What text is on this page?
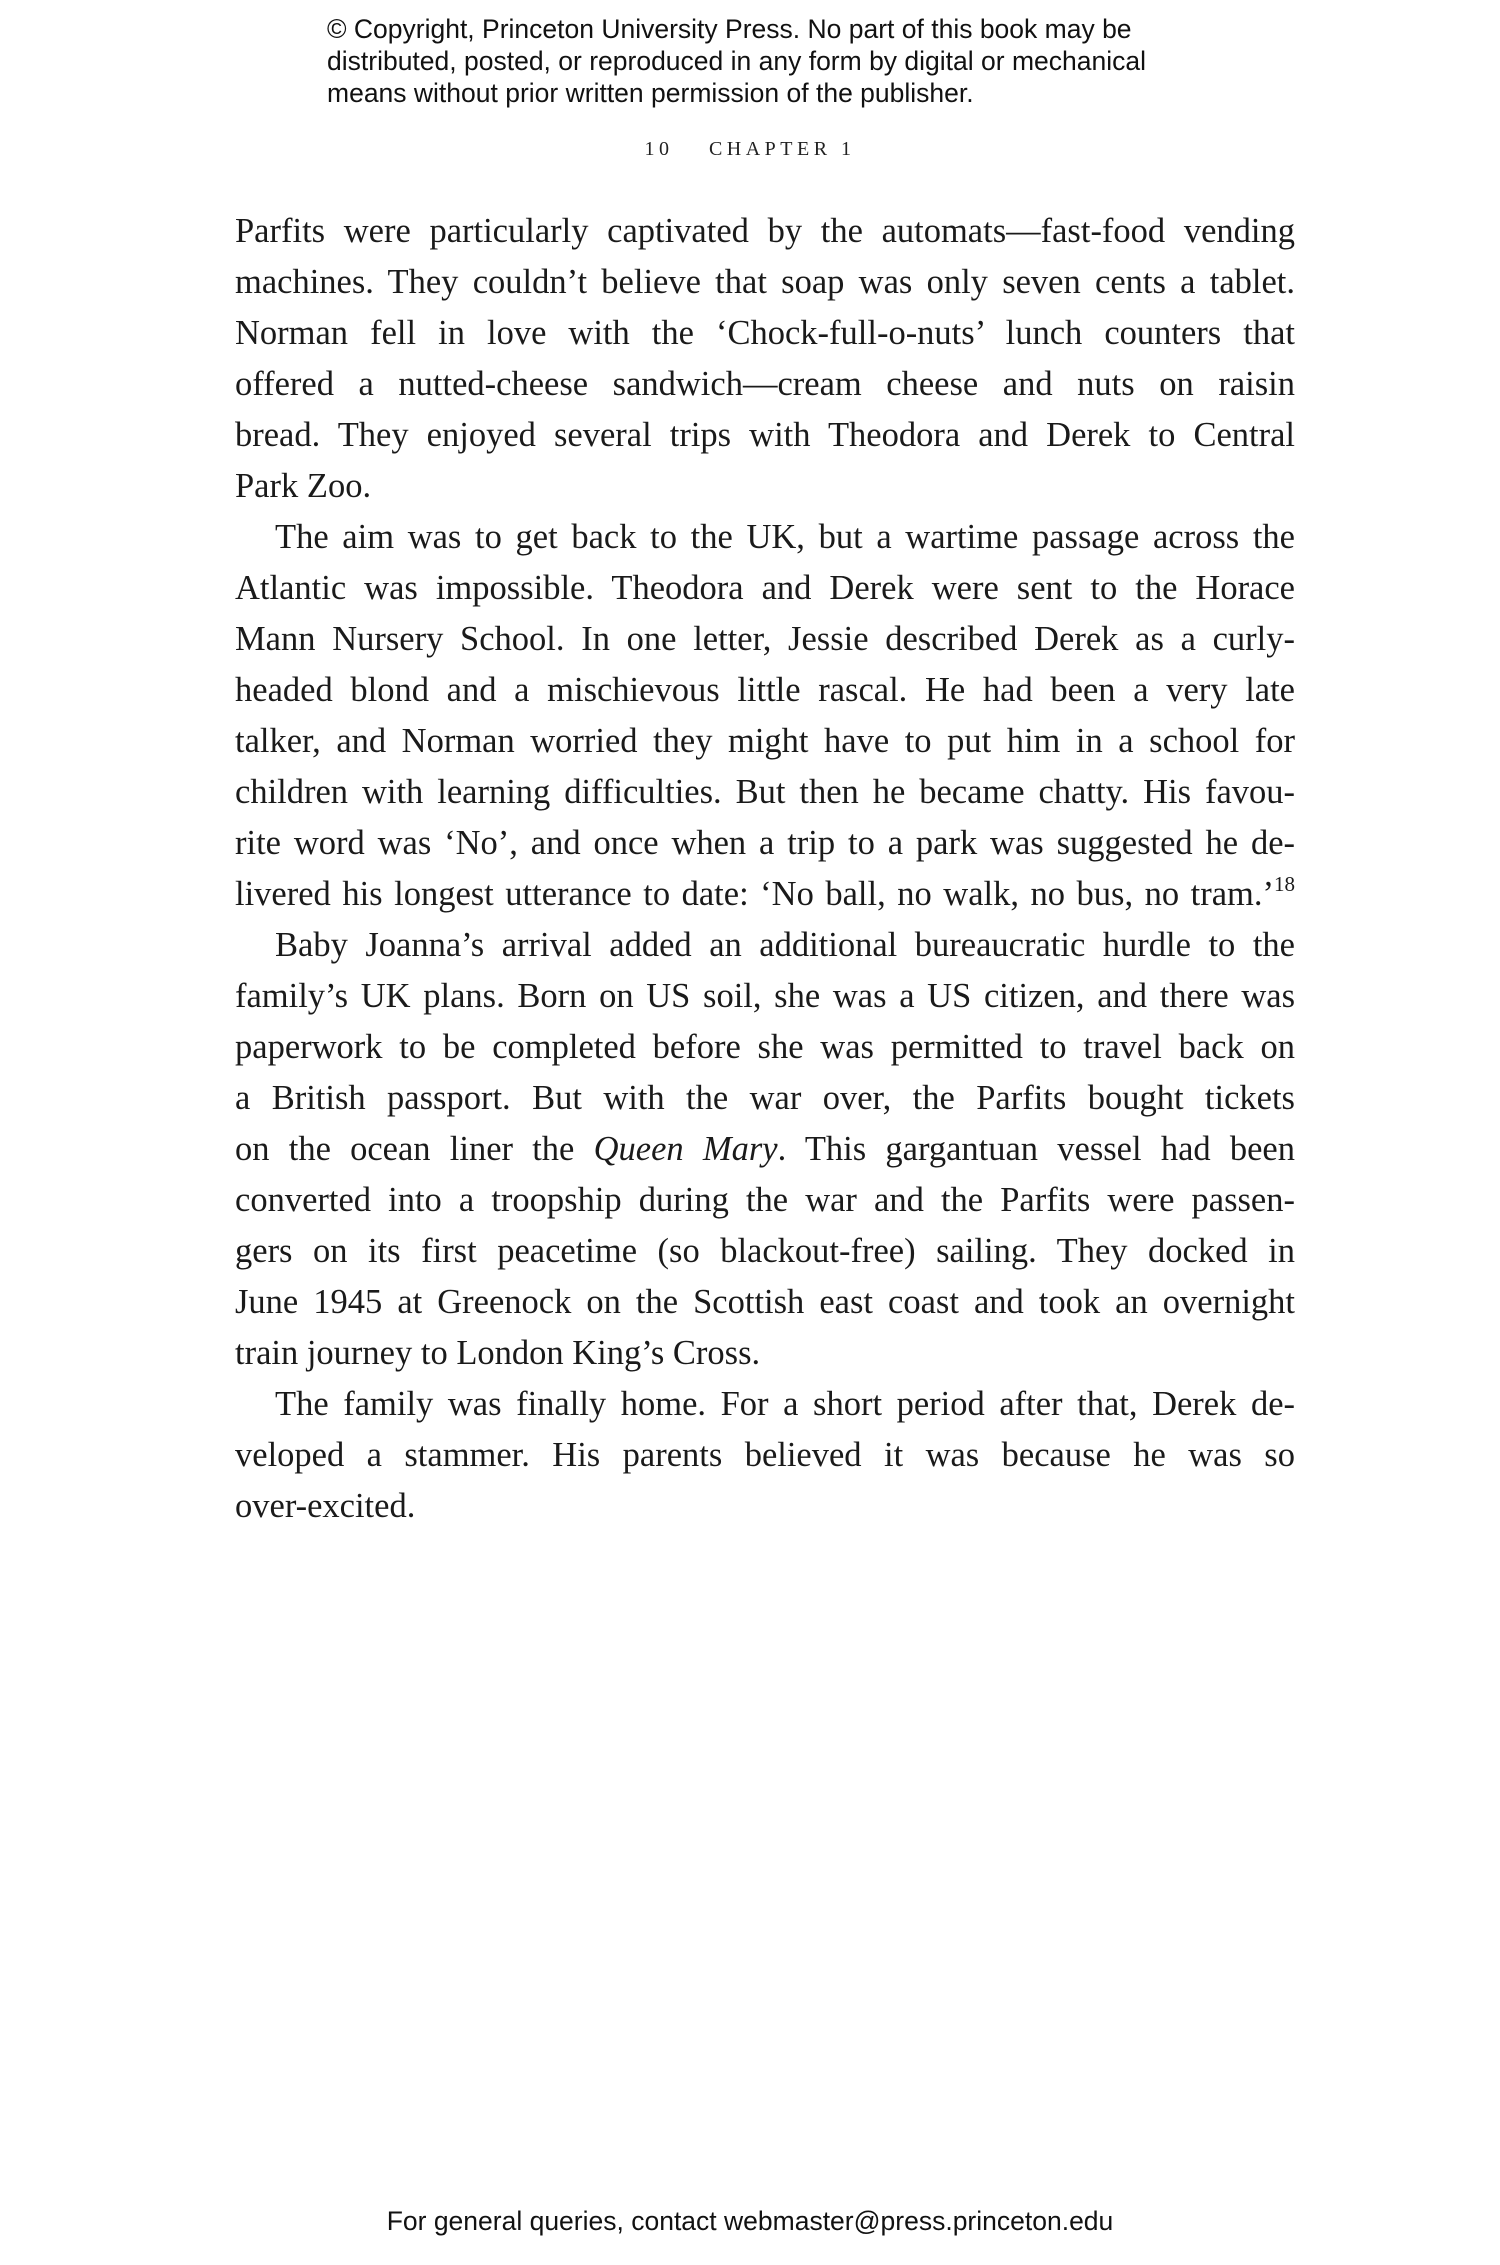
© Copyright, Princeton University Press. No part of this book may be
distributed, posted, or reproduced in any form by digital or mechanical
means without prior written permission of the publisher.
10 CHAPTER 1
Parfits were particularly captivated by the automats—fast-food vending
machines. They couldn’t believe that soap was only seven cents a tablet.
Norman fell in love with the ‘Chock-full-o-nuts’ lunch counters that
offered a nutted-cheese sandwich—cream cheese and nuts on raisin
bread. They enjoyed several trips with Theodora and Derek to Central
Park Zoo.
The aim was to get back to the UK, but a wartime passage across the
Atlantic was impossible. Theodora and Derek were sent to the Horace
Mann Nursery School. In one letter, Jessie described Derek as a curly-
headed blond and a mischievous little rascal. He had been a very late
talker, and Norman worried they might have to put him in a school for
children with learning difficulties. But then he became chatty. His favou-
rite word was ‘No’, and once when a trip to a park was suggested he de-
livered his longest utterance to date: ‘No ball, no walk, no bus, no tram.’$^{18}$
Baby Joanna’s arrival added an additional bureaucratic hurdle to the
family’s UK plans. Born on US soil, she was a US citizen, and there was
paperwork to be completed before she was permitted to travel back on
a British passport. But with the war over, the Parfits bought tickets
on the ocean liner the Queen Mary. This gargantuan vessel had been
converted into a troopship during the war and the Parfits were passen-
gers on its first peacetime (so blackout-free) sailing. They docked in
June 1945 at Greenock on the Scottish east coast and took an overnight
train journey to London King’s Cross.
The family was finally home. For a short period after that, Derek de-
veloped a stammer. His parents believed it was because he was so
over-excited.
For general queries, contact webmaster@press.princeton.edu
